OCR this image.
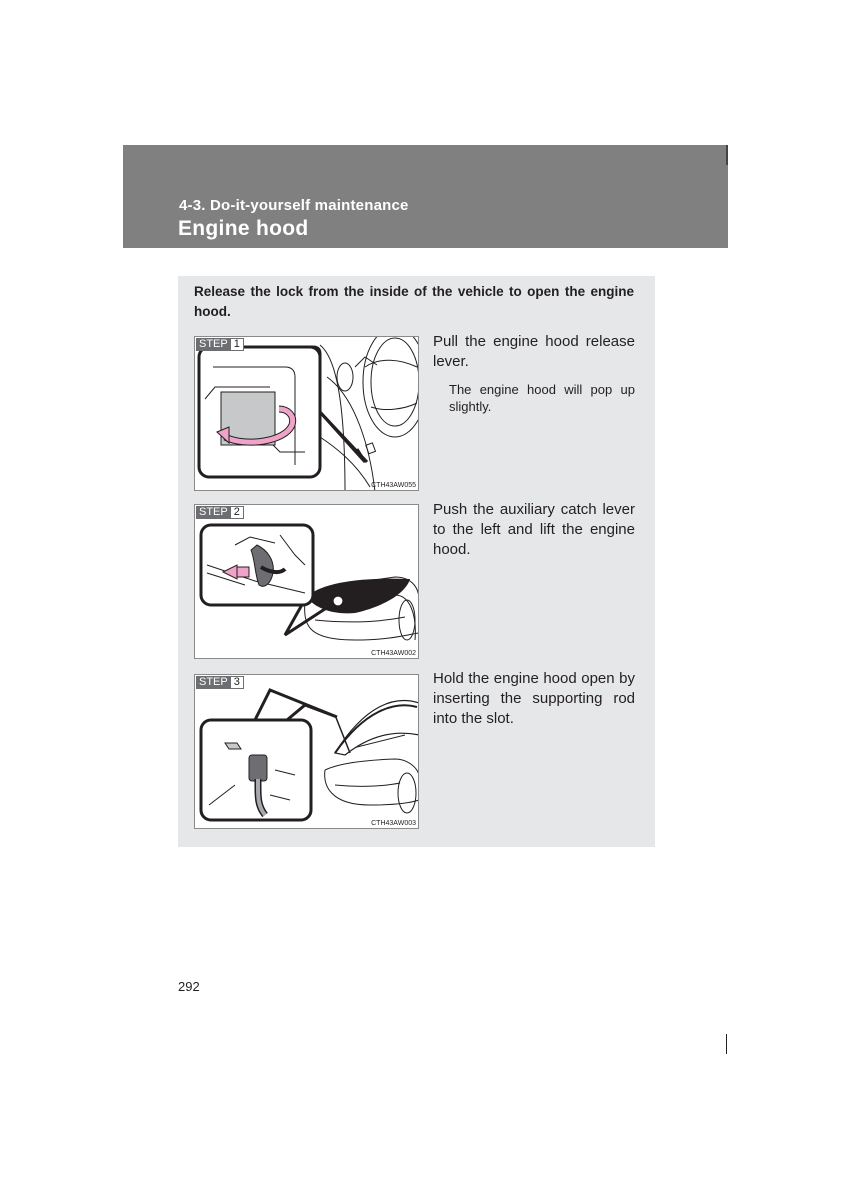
4-3. Do-it-yourself maintenance
Engine hood
Release the lock from the inside of the vehicle to open the engine hood.
STEP 1
CTH43AW055
Pull the engine hood release lever.
The engine hood will pop up slightly.
STEP 2
CTH43AW002
Push the auxiliary catch lever to the left and lift the engine hood.
STEP 3
CTH43AW003
Hold the engine hood open by inserting the supporting rod into the slot.
292
